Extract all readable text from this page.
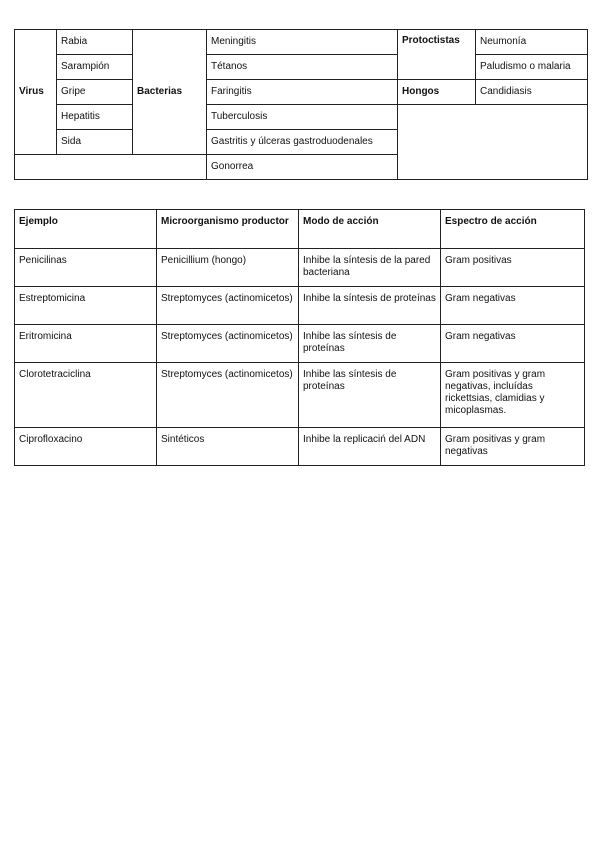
Virus	Rabia	Bacterias	Meningitis	Protoctistas	Neumonía
	Sarampión		Tétanos		Paludismo o malaria
	Gripe		Faringitis	Hongos	Candidiasis
	Hepatitis		Tuberculosis		
	Sida		Gastritis y úlceras gastroduodenales		
			Gonorrea		
Ejemplo	Microorganismo productor	Modo de acción	Espectro de acción
Penicilinas	Penicillium (hongo)	Inhibe la síntesis de la pared bacteriana	Gram positivas
Estreptomicina	Streptomyces (actinomicetos)	Inhibe la síntesis de proteínas	Gram negativas
Eritromicina	Streptomyces (actinomicetos)	Inhibe las síntesis de proteínas	Gram negativas
Clorotetraciclina	Streptomyces (actinomicetos)	Inhibe las síntesis de proteínas	Gram positivas y gram negativas, incluídas rickettsias, clamidias y micoplasmas.
Ciprofloxacino	Sintéticos	Inhibe la replicaciń del ADN	Gram positivas y gram negativas
